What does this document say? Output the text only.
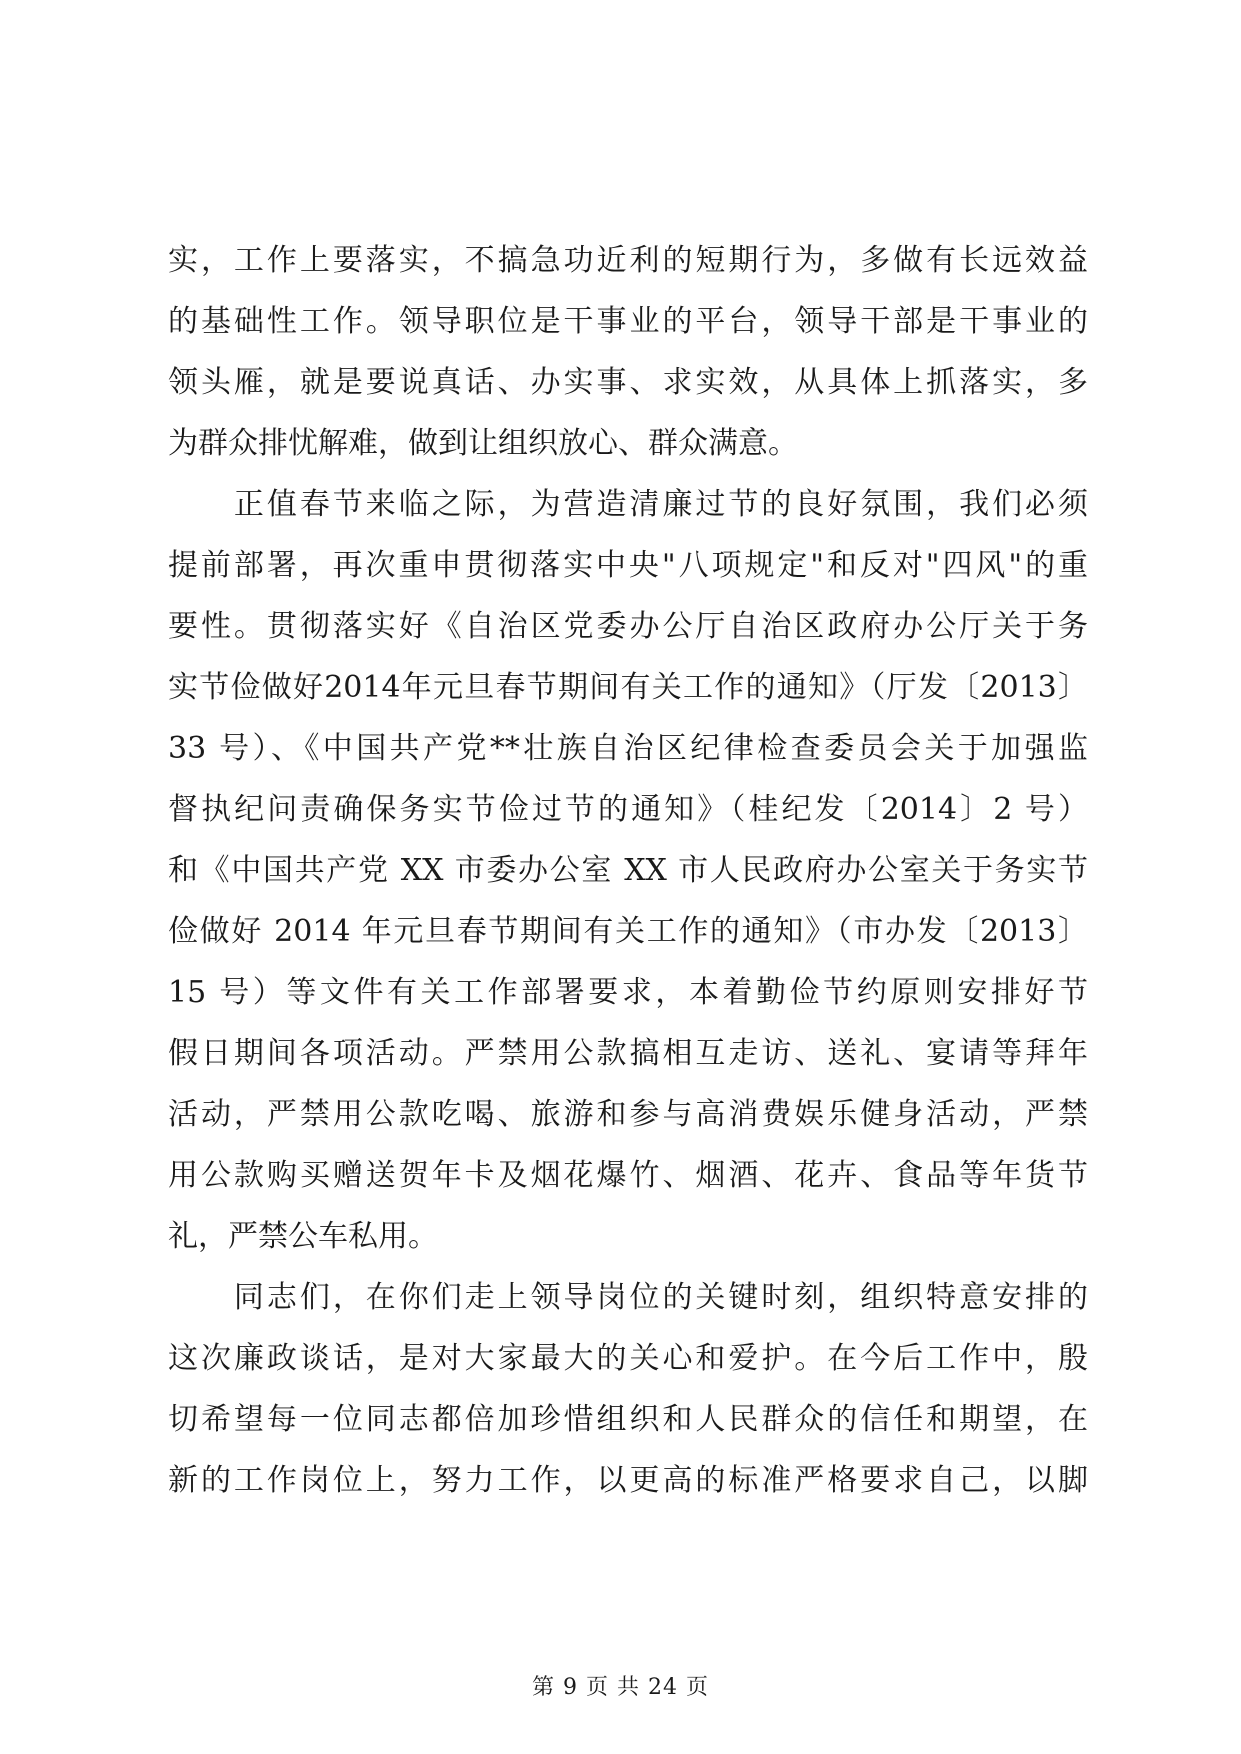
实，工作上要落实，不搞急功近利的短期行为，多做有长远效益
的基础性工作。领导职位是干事业的平台，领导干部是干事业的
领头雁，就是要说真话、办实事、求实效，从具体上抓落实，多
为群众排忧解难，做到让组织放心、群众满意。
　　正值春节来临之际，为营造清廉过节的良好氛围，我们必须
提前部署，再次重申贯彻落实中央"八项规定"和反对"四风"的重
要性。贯彻落实好《自治区党委办公厅自治区政府办公厅关于务
实节俭做好2014年元旦春节期间有关工作的通知》（厅发〔2013〕
33 号）、《中国共产党**壮族自治区纪律检查委员会关于加强监
督执纪问责确保务实节俭过节的通知》（桂纪发〔2014〕2 号）
和《中国共产党 XX 市委办公室 XX 市人民政府办公室关于务实节
俭做好 2014 年元旦春节期间有关工作的通知》（市办发〔2013〕
15 号）等文件有关工作部署要求，本着勤俭节约原则安排好节
假日期间各项活动。严禁用公款搞相互走访、送礼、宴请等拜年
活动，严禁用公款吃喝、旅游和参与高消费娱乐健身活动，严禁
用公款购买赠送贺年卡及烟花爆竹、烟酒、花卉、食品等年货节
礼，严禁公车私用。
　　同志们，在你们走上领导岗位的关键时刻，组织特意安排的
这次廉政谈话，是对大家最大的关心和爱护。在今后工作中，殷
切希望每一位同志都倍加珍惜组织和人民群众的信任和期望，在
新的工作岗位上，努力工作，以更高的标准严格要求自己，以脚
第 9 页 共 24 页
